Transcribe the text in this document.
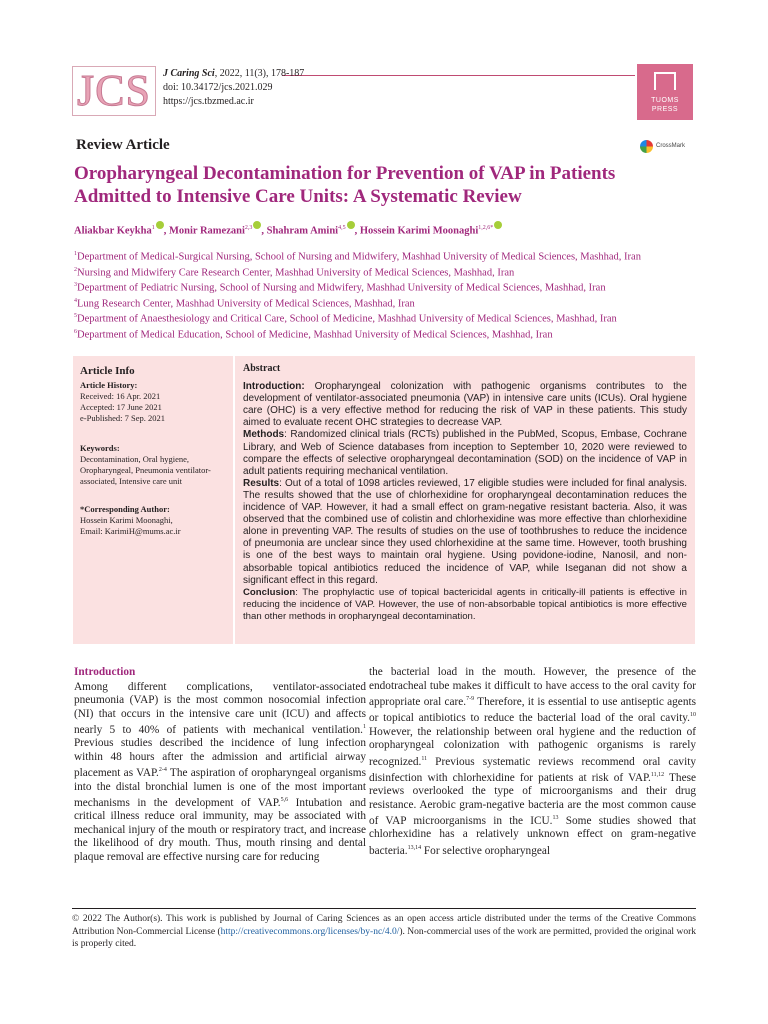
JCS J Caring Sci, 2022, 11(3), 178-187
doi: 10.34172/jcs.2021.029
https://jcs.tbzmed.ac.ir	TUOMS
PRESS
Review Article	CrossMark
Oropharyngeal Decontamination for Prevention of VAP in Patients Admitted to Intensive Care Units: A Systematic Review
Aliakbar Keykha$^1$ , Monir Ramezani$^{2,3}$ , Shahram Amini$^{4,5}$ , Hossein Karimi Moonaghi$^{1,2,6*}$

$^1$Department of Medical-Surgical Nursing, School of Nursing and Midwifery, Mashhad University of Medical Sciences, Mashhad, Iran

$^2$Nursing and Midwifery Care Research Center, Mashhad University of Medical Sciences, Mashhad, Iran

$^3$Department of Pediatric Nursing, School of Nursing and Midwifery, Mashhad University of Medical Sciences, Mashhad, Iran

$^4$Lung Research Center, Mashhad University of Medical Sciences, Mashhad, Iran

$^5$Department of Anaesthesiology and Critical Care, School of Medicine, Mashhad University of Medical Sciences, Mashhad, Iran

$^6$Department of Medical Education, School of Medicine, Mashhad University of Medical Sciences, Mashhad, Iran

Article Info
Article History:
Received: 16 Apr. 2021
Accepted: 17 June 2021
e-Published: 7 Sep. 2021
Keywords:
Decontamination, Oral hygiene, Oropharyngeal, Pneumonia ventilator-associated, Intensive care unit
*Corresponding Author:
Hossein Karimi Moonaghi,
Email: KarimiH@mums.ac.ir
Abstract

Introduction: Oropharyngeal colonization with pathogenic organisms contributes to the development of ventilator-associated pneumonia (VAP) in intensive care units (ICUs). Oral hygiene care (OHC) is a very effective method for reducing the risk of VAP in these patients. This study aimed to evaluate recent OHC strategies to decrease VAP.

Methods: Randomized clinical trials (RCTs) published in the PubMed, Scopus, Embase, Cochrane Library, and Web of Science databases from inception to September 10, 2020 were reviewed to compare the effects of selective oropharyngeal decontamination (SOD) on the incidence of VAP in adult patients requiring mechanical ventilation.

Results: Out of a total of 1098 articles reviewed, 17 eligible studies were included for final analysis. The results showed that the use of chlorhexidine for oropharyngeal decontamination reduces the incidence of VAP. However, it had a small effect on gram-negative resistant bacteria. Also, it was observed that the combined use of colistin and chlorhexidine was more effective than chlorhexidine alone in preventing VAP. The results of studies on the use of toothbrushes to reduce the incidence of pneumonia are unclear since they used chlorhexidine at the same time. However, tooth brushing is one of the best ways to maintain oral hygiene. Using povidone-iodine, Nanosil, and non-absorbable topical antibiotics reduced the incidence of VAP, while Iseganan did not show a significant effect in this regard.

Conclusion: The prophylactic use of topical bactericidal agents in critically-ill patients is effective in reducing the incidence of VAP. However, the use of non-absorbable topical antibiotics is more effective than other methods in oropharyngeal decontamination.

Introduction

Among different complications, ventilator-associated pneumonia (VAP) is the most common nosocomial infection (NI) that occurs in the intensive care unit (ICU) and affects nearly 5 to 40% of patients with mechanical ventilation.$^1$ Previous studies described the incidence of lung infection within 48 hours after the admission and artificial airway placement as VAP.$^{2-4}$ The aspiration of oropharyngeal organisms into the distal bronchial lumen is one of the most important mechanisms in the development of VAP.$^{5,6}$ Intubation and critical illness reduce oral immunity, may be associated with mechanical injury of the mouth or respiratory tract, and increase the likelihood of dry mouth. Thus, mouth rinsing and dental plaque removal are effective nursing care for reducing

the bacterial load in the mouth. However, the presence of the endotracheal tube makes it difficult to have access to the oral cavity for appropriate oral care.$^{7-9}$ Therefore, it is essential to use antiseptic agents or topical antibiotics to reduce the bacterial load of the oral cavity.$^{10}$ However, the relationship between oral hygiene and the reduction of oropharyngeal colonization with pathogenic organisms is rarely recognized.$^{11}$ Previous systematic reviews recommend oral cavity disinfection with chlorhexidine for patients at risk of VAP.$^{11,12}$ These reviews overlooked the type of microorganisms and their drug resistance. Aerobic gram-negative bacteria are the most common cause of VAP microorganisms in the ICU.$^{13}$ Some studies showed that chlorhexidine has a relatively unknown effect on gram-negative bacteria.$^{13,14}$ For selective oropharyngeal

© 2022 The Author(s). This work is published by Journal of Caring Sciences as an open access article distributed under the terms of the Creative Commons Attribution Non-Commercial License (http://creativecommons.org/licenses/by-nc/4.0/). Non-commercial uses of the work are permitted, provided the original work is properly cited.
